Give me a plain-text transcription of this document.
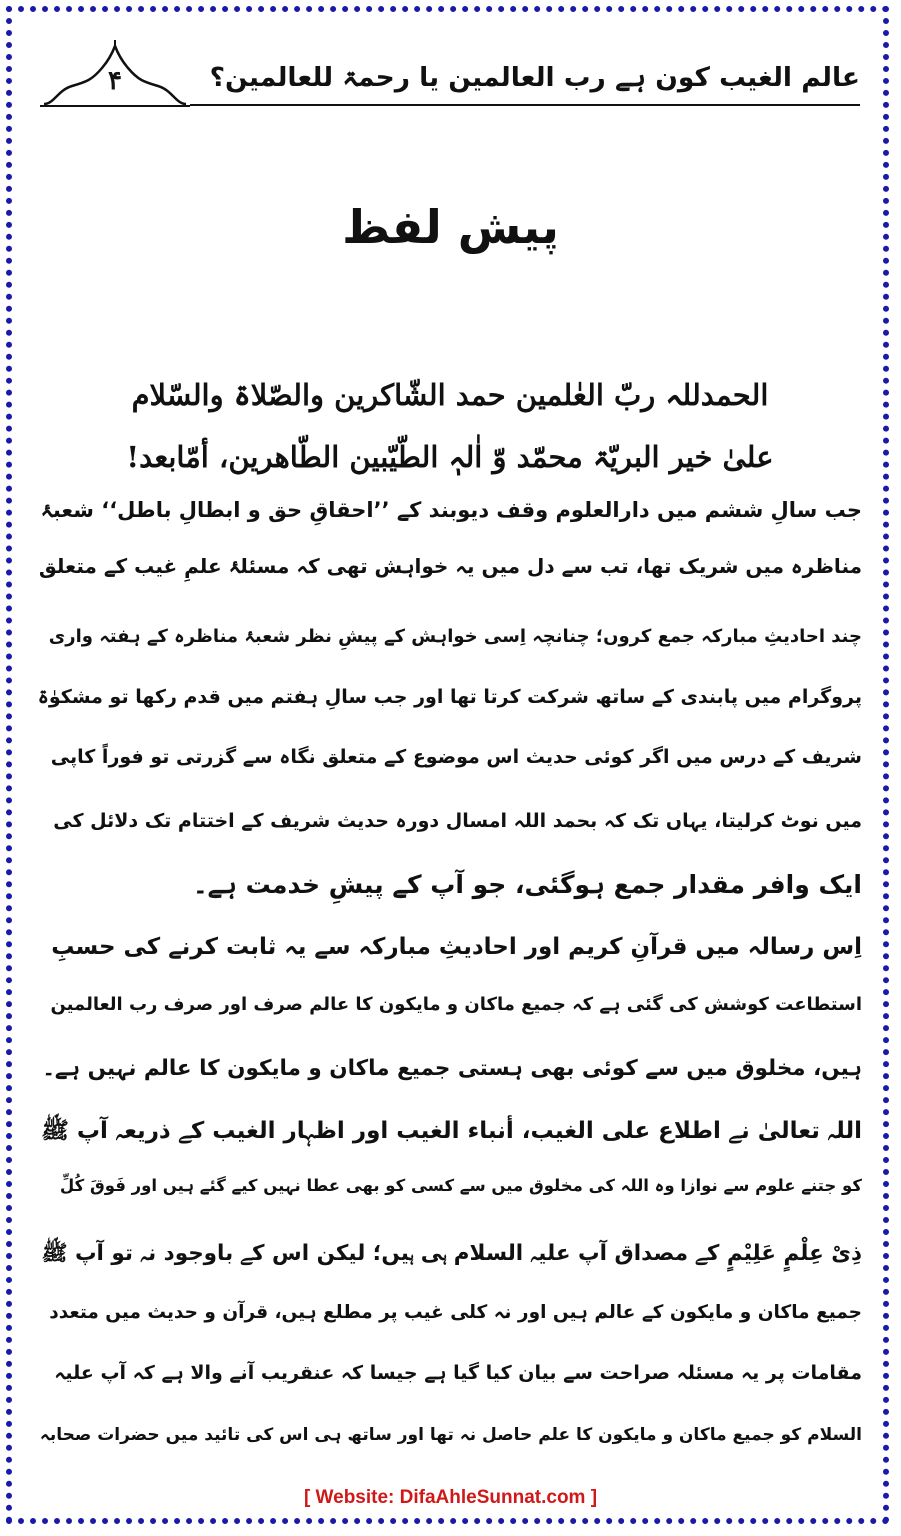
۴	عالم الغیب کون ہے رب العالمین یا رحمۃ للعالمین؟
پیش لفظ
الحمدللہ ربّ العٰلمین حمد الشّاکرین والصّلاۃ والسّلام
علیٰ خیر البریّۃ محمّد وّ اٰلہٖ الطّیّبین الطّاھرین، أمّابعد!
جب سالِ ششم میں دارالعلوم وقف دیوبند کے ’’احقاقِ حق و ابطالِ باطل‘‘ شعبۂ
مناظرہ میں شریک تھا، تب سے دل میں یہ خواہش تھی کہ مسئلۂ علمِ غیب کے متعلق
چند احادیثِ مبارکہ جمع کروں؛ چنانچہ اِسی خواہش کے پیشِ نظر شعبۂ مناظرہ کے ہفتہ واری
پروگرام میں پابندی کے ساتھ شرکت کرتا تھا اور جب سالِ ہفتم میں قدم رکھا تو مشکوٰۃ
شریف کے درس میں اگر کوئی حدیث اس موضوع کے متعلق نگاہ سے گزرتی تو فوراً کاپی
میں نوٹ کرلیتا، یہاں تک کہ بحمد اللہ امسال دورہ حدیث شریف کے اختتام تک دلائل کی
ایک وافر مقدار جمع ہوگئی، جو آپ کے پیشِ خدمت ہے۔
اِس رسالہ میں قرآنِ کریم اور احادیثِ مبارکہ سے یہ ثابت کرنے کی حسبِ
استطاعت کوشش کی گئی ہے کہ جمیع ماکان و مایکون کا عالم صرف اور صرف رب العالمین
ہیں، مخلوق میں سے کوئی بھی ہستی جمیع ماکان و مایکون کا عالم نہیں ہے۔
اللہ تعالیٰ نے اطلاع علی الغیب، أنباء الغیب اور اظہار الغیب کے ذریعہ آپ ﷺ
کو جتنے علوم سے نوازا وہ اللہ کی مخلوق میں سے کسی کو بھی عطا نہیں کیے گئے ہیں اور فَوقَ کُلِّ
ذِیْ عِلْمٍ عَلِیْمٍ کے مصداق آپ علیہ السلام ہی ہیں؛ لیکن اس کے باوجود نہ تو آپ ﷺ
جمیع ماکان و مایکون کے عالم ہیں اور نہ کلی غیب پر مطلع ہیں، قرآن و حدیث میں متعدد
مقامات پر یہ مسئلہ صراحت سے بیان کیا گیا ہے جیسا کہ عنقریب آنے والا ہے کہ آپ علیہ
السلام کو جمیع ماکان و مایکون کا علم حاصل نہ تھا اور ساتھ ہی اس کی تائید میں حضرات صحابہ
[ Website: DifaAhleSunnat.com ]
